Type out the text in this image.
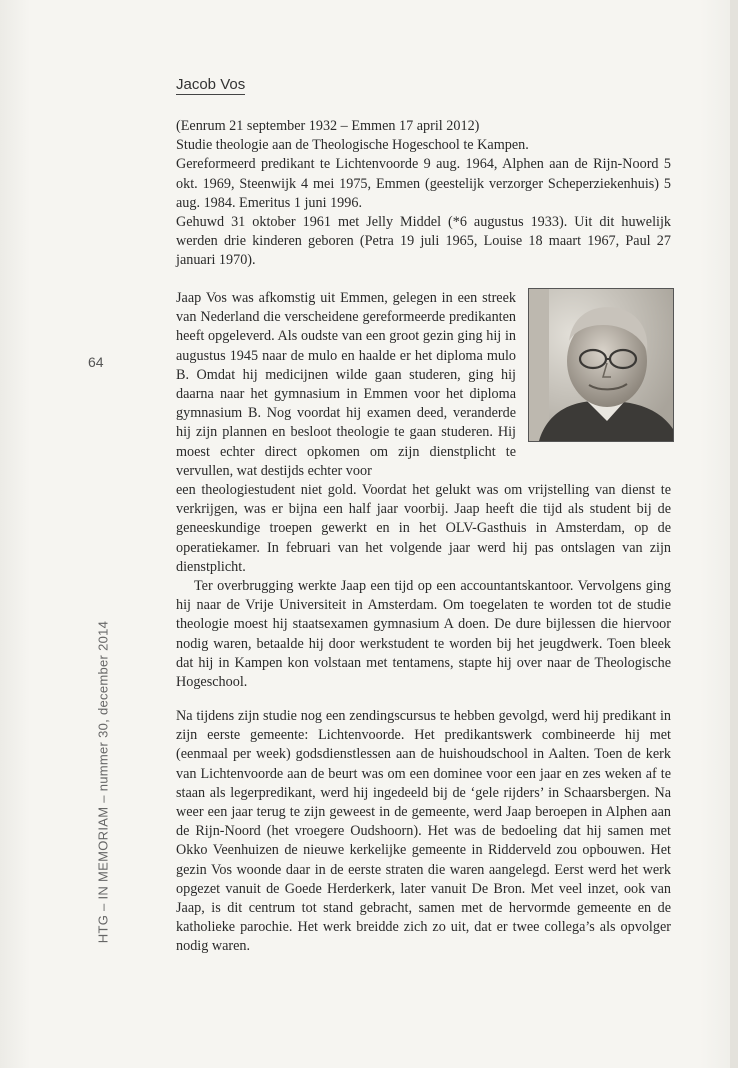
Jacob Vos
64
HTG – IN MEMORIAM – nummer 30, december 2014

(Eenrum 21 september 1932 – Emmen 17 april 2012)

Studie theologie aan de Theologische Hogeschool te Kampen.

Gereformeerd predikant te Lichtenvoorde 9 aug. 1964, Alphen aan de Rijn-Noord 5 okt. 1969, Steenwijk 4 mei 1975, Emmen (geestelijk verzorger Scheperziekenhuis) 5 aug. 1984. Emeritus 1 juni 1996.

Gehuwd 31 oktober 1961 met Jelly Middel (*6 augustus 1933). Uit dit huwelijk werden drie kinderen geboren (Petra 19 juli 1965, Louise 18 maart 1967, Paul 27 januari 1970).

Jaap Vos was afkomstig uit Emmen, gelegen in een streek van Nederland die verscheidene gereformeerde predikanten heeft opgeleverd. Als oudste van een groot gezin ging hij in augustus 1945 naar de mulo en haalde er het diploma mulo B. Omdat hij medicijnen wilde gaan studeren, ging hij daarna naar het gymnasium in Emmen voor het diploma gymnasium B. Nog voordat hij examen deed, veranderde hij zijn plannen en besloot theologie te gaan studeren. Hij moest echter direct opkomen om zijn dienstplicht te vervullen, wat destijds echter voor

een theologiestudent niet gold. Voordat het gelukt was om vrijstelling van dienst te verkrijgen, was er bijna een half jaar voorbij. Jaap heeft die tijd als student bij de geneeskundige troepen gewerkt en in het OLV-Gasthuis in Amsterdam, op de operatiekamer. In februari van het volgende jaar werd hij pas ontslagen van zijn dienstplicht.

Ter overbrugging werkte Jaap een tijd op een accountantskantoor. Vervolgens ging hij naar de Vrije Universiteit in Amsterdam. Om toegelaten te worden tot de studie theologie moest hij staatsexamen gymnasium A doen. De dure bijlessen die hiervoor nodig waren, betaalde hij door werkstudent te worden bij het jeugdwerk. Toen bleek dat hij in Kampen kon volstaan met tentamens, stapte hij over naar de Theologische Hogeschool.

Na tijdens zijn studie nog een zendingscursus te hebben gevolgd, werd hij predikant in zijn eerste gemeente: Lichtenvoorde. Het predikantswerk combineerde hij met (eenmaal per week) godsdienstlessen aan de huishoudschool in Aalten. Toen de kerk van Lichtenvoorde aan de beurt was om een dominee voor een jaar en zes weken af te staan als legerpredikant, werd hij ingedeeld bij de ‘gele rijders’ in Schaarsbergen. Na weer een jaar terug te zijn geweest in de gemeente, werd Jaap beroepen in Alphen aan de Rijn-Noord (het vroegere Oudshoorn). Het was de bedoeling dat hij samen met Okko Veenhuizen de nieuwe kerkelijke gemeente in Ridderveld zou opbouwen. Het gezin Vos woonde daar in de eerste straten die waren aangelegd. Eerst werd het werk opgezet vanuit de Goede Herderkerk, later vanuit De Bron. Met veel inzet, ook van Jaap, is dit centrum tot stand gebracht, samen met de hervormde gemeente en de katholieke parochie. Het werk breidde zich zo uit, dat er twee collega’s als opvolger nodig waren.
